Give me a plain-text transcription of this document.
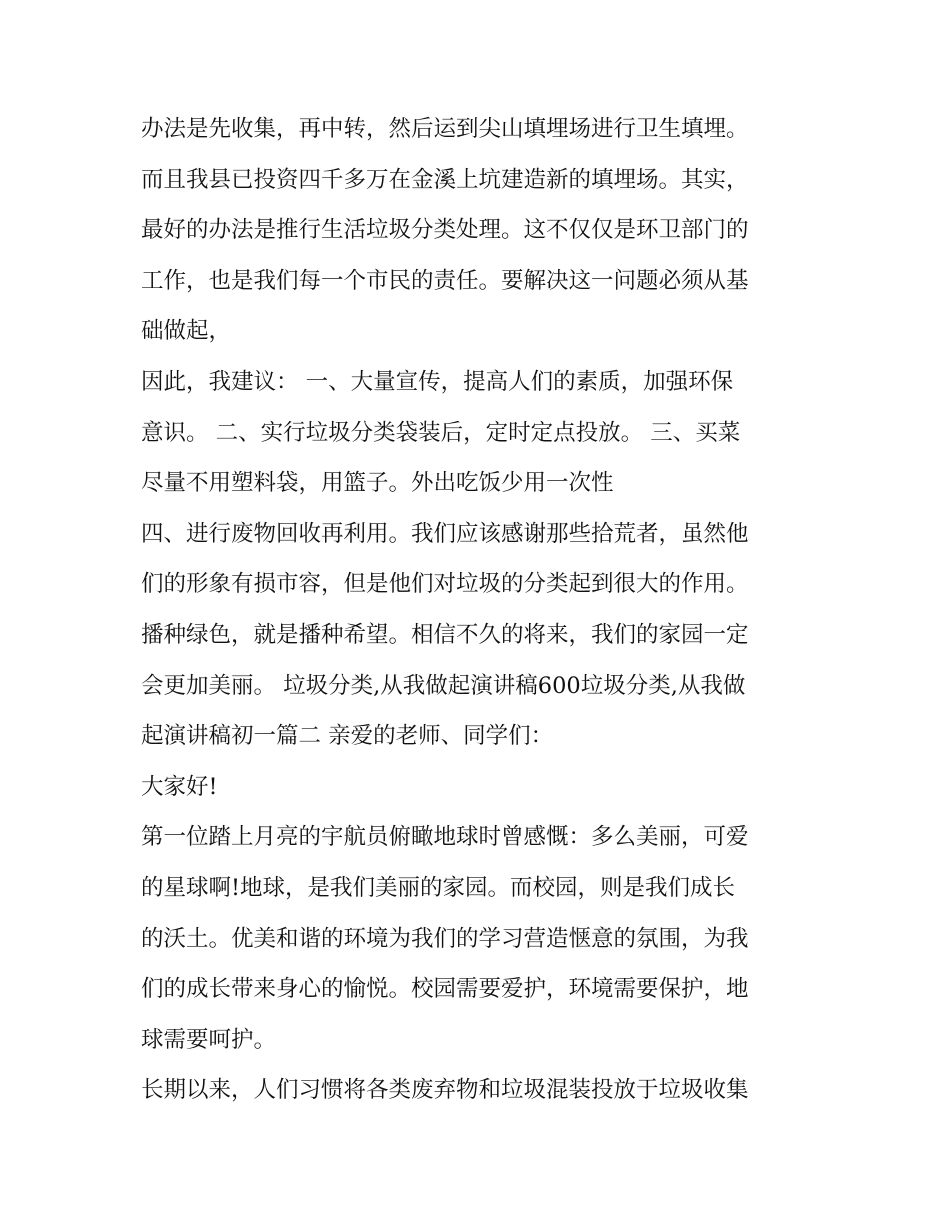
办法是先收集，再中转，然后运到尖山填埋场进行卫生填埋。
而且我县已投资四千多万在金溪上坑建造新的填埋场。其实，
最好的办法是推行生活垃圾分类处理。这不仅仅是环卫部门的
工作，也是我们每一个市民的责任。要解决这一问题必须从基
础做起，
因此，我建议： 一、大量宣传，提高人们的素质，加强环保
意识。 二、实行垃圾分类袋装后，定时定点投放。 三、买菜
尽量不用塑料袋，用篮子。外出吃饭少用一次性
四、进行废物回收再利用。我们应该感谢那些拾荒者，虽然他
们的形象有损市容，但是他们对垃圾的分类起到很大的作用。
播种绿色，就是播种希望。相信不久的将来，我们的家园一定
会更加美丽。 垃圾分类,从我做起演讲稿600垃圾分类,从我做
起演讲稿初一篇二 亲爱的老师、同学们：
大家好!
第一位踏上月亮的宇航员俯瞰地球时曾感慨：多么美丽，可爱
的星球啊!地球，是我们美丽的家园。而校园，则是我们成长
的沃土。优美和谐的环境为我们的学习营造惬意的氛围，为我
们的成长带来身心的愉悦。校园需要爱护，环境需要保护，地
球需要呵护。
长期以来，人们习惯将各类废弃物和垃圾混装投放于垃圾收集
